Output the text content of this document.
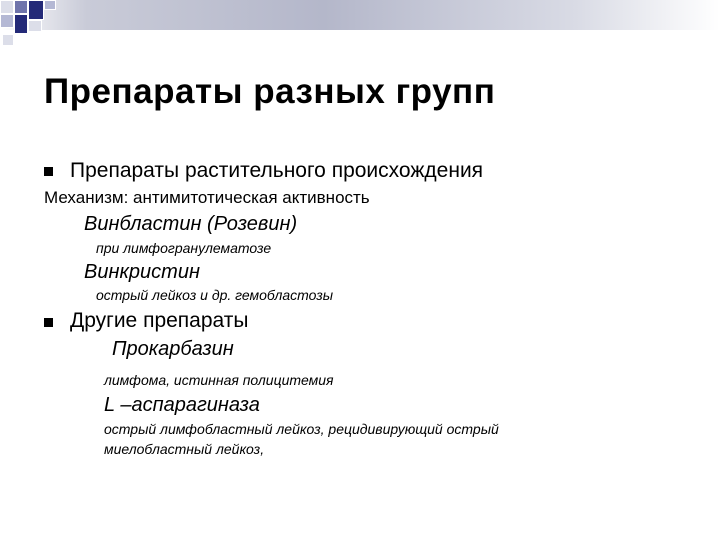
Препараты разных групп

Препараты растительного происхождения

Механизм: антимитотическая активность

Винбластин (Розевин)

при лимфогранулематозе

Винкристин

острый лейкоз и др. гемобластозы

Другие препараты

Прокарбазин

лимфома, истинная полицитемия

L –аспарагиназа

острый лимфобластный лейкоз, рецидивирующий острый

миелобластный лейкоз,
